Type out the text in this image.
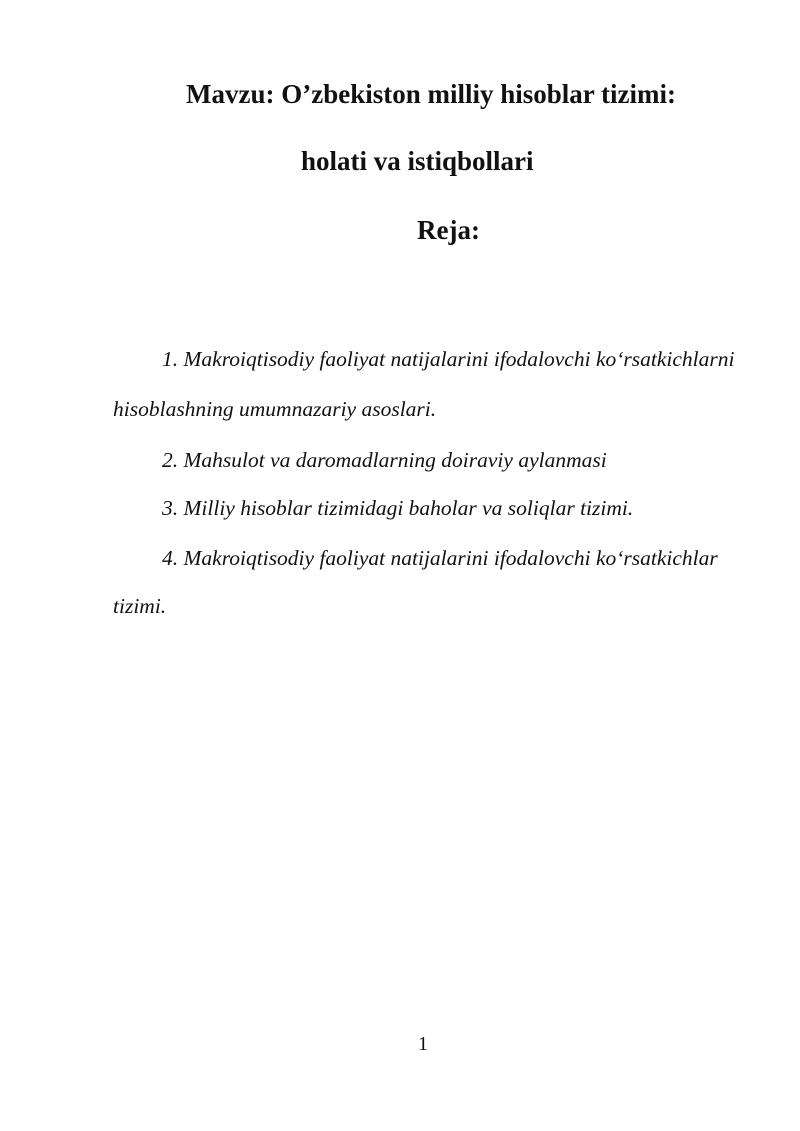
Mavzu: O’zbekiston milliy hisoblar tizimi:
holati va istiqbollari
Reja:

1. Makroiqtisodiy faoliyat natijalarini ifodalovchi ko‘rsatkichlarni

hisoblashning umumnazariy asoslari.

2. Mahsulot va daromadlarning doiraviy aylanmasi

3. Milliy hisoblar tizimidagi baholar va soliqlar tizimi.

4. Makroiqtisodiy faoliyat natijalarini ifodalovchi ko‘rsatkichlar

tizimi.

1
